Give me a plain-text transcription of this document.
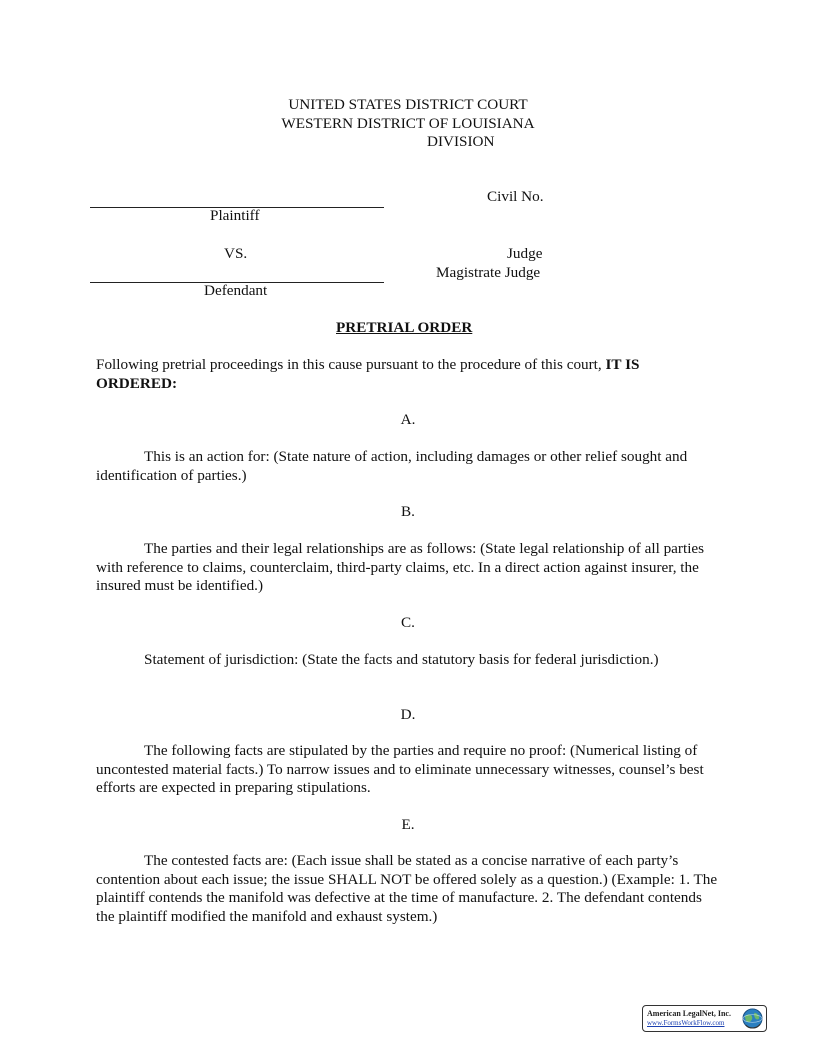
UNITED STATES DISTRICT COURT
WESTERN DISTRICT OF LOUISIANA
DIVISION
Civil No.
Plaintiff
VS.	Judge
Magistrate Judge
Defendant
PRETRIAL ORDER
Following pretrial proceedings in this cause pursuant to the procedure of this court, IT IS ORDERED:
A.
This is an action for: (State nature of action, including damages or other relief sought and identification of parties.)
B.
The parties and their legal relationships are as follows: (State legal relationship of all parties with reference to claims, counterclaim, third-party claims, etc. In a direct action against insurer, the insured must be identified.)
C.
Statement of jurisdiction: (State the facts and statutory basis for federal jurisdiction.)
D.
The following facts are stipulated by the parties and require no proof: (Numerical listing of uncontested material facts.) To narrow issues and to eliminate unnecessary witnesses, counsel’s best efforts are expected in preparing stipulations.
E.
The contested facts are: (Each issue shall be stated as a concise narrative of each party’s contention about each issue; the issue SHALL NOT be offered solely as a question.) (Example: 1. The plaintiff contends the manifold was defective at the time of manufacture. 2. The defendant contends the plaintiff modified the manifold and exhaust system.)
American LegalNet, Inc.
www.FormsWorkFlow.com
